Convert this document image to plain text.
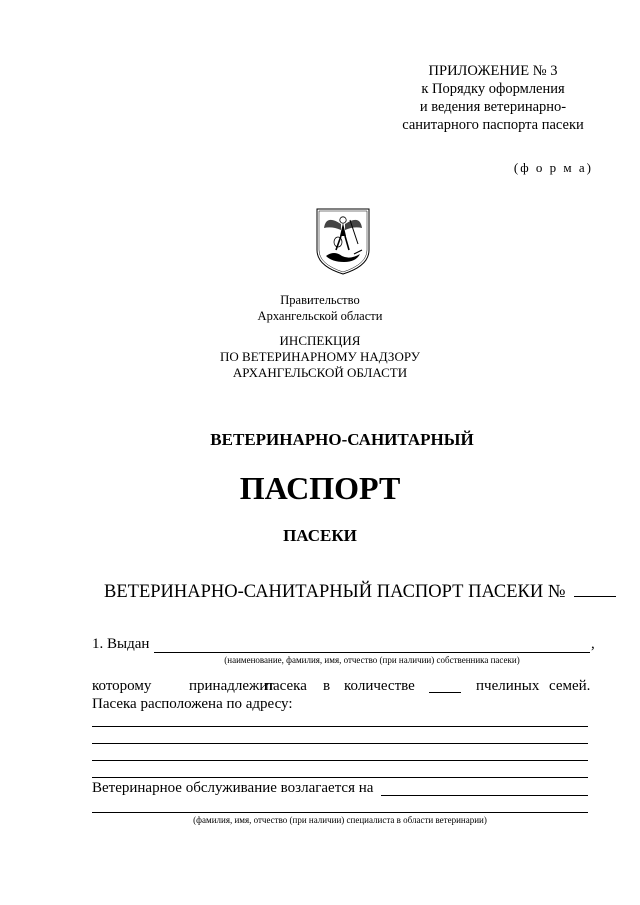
ПРИЛОЖЕНИЕ № 3
к Порядку оформления
и ведения ветеринарно-
санитарного паспорта пасеки
(ф о р м а)
Правительство
Архангельской области
ИНСПЕКЦИЯ
ПО ВЕТЕРИНАРНОМУ НАДЗОРУ
АРХАНГЕЛЬСКОЙ ОБЛАСТИ
ВЕТЕРИНАРНО-САНИТАРНЫЙ
ПАСПОРТ
ПАСЕКИ
ВЕТЕРИНАРНО-САНИТАРНЫЙ ПАСПОРТ ПАСЕКИ №
1. Выдан	,
(наименование, фамилия, имя, отчество (при наличии) собственника пасеки)
которому	принадлежит
пасека в количестве	пчелиных семей.
Пасека расположена по адресу:
Ветеринарное обслуживание возлагается на
(фамилия, имя, отчество (при наличии) специалиста в области ветеринарии)
